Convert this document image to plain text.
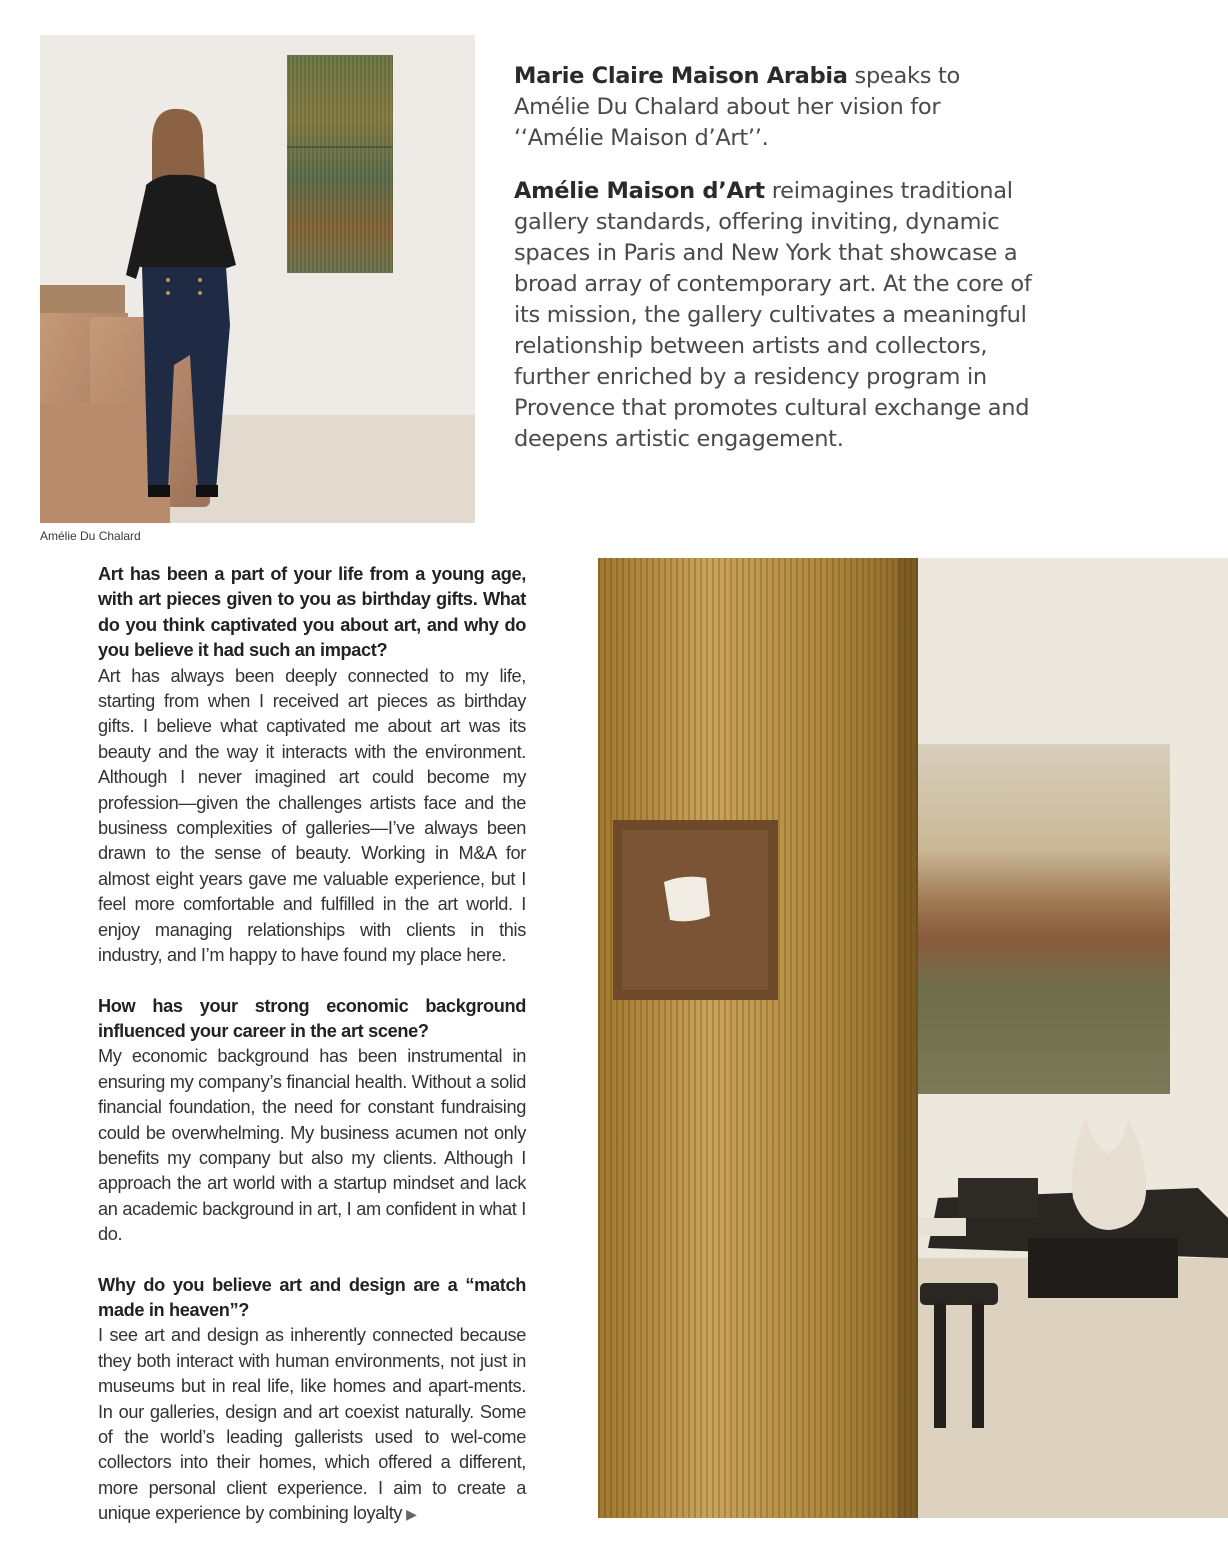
Amélie Du Chalard

Marie Claire Maison Arabia speaks to Amélie Du Chalard about her vision for ‘‘Amélie Maison d’Art’’.

Amélie Maison d’Art reimagines traditional gallery standards, offering inviting, dynamic spaces in Paris and New York that showcase a broad array of contemporary art. At the core of its mission, the gallery cultivates a meaningful relationship between artists and collectors, further enriched by a residency program in Provence that promotes cultural exchange and deepens artistic engagement.

Art has been a part of your life from a young age, with art pieces given to you as birthday gifts. What do you think captivated you about art, and why do you believe it had such an impact?

Art has always been deeply connected to my life, starting from when I received art pieces as birthday gifts. I believe what captivated me about art was its beauty and the way it interacts with the environment. Although I never imagined art could become my profession—given the challenges artists face and the business complexities of galleries—I’ve always been drawn to the sense of beauty. Working in M&A for almost eight years gave me valuable experience, but I feel more comfortable and fulfilled in the art world. I enjoy managing relationships with clients in this industry, and I’m happy to have found my place here.

How has your strong economic background influenced your career in the art scene?

My economic background has been instrumental in ensuring my company’s financial health. Without a solid financial foundation, the need for constant fundraising could be overwhelming. My business acumen not only benefits my company but also my clients. Although I approach the art world with a startup mindset and lack an academic background in art, I am confident in what I do.

Why do you believe art and design are a “match made in heaven”?

I see art and design as inherently connected because they both interact with human environments, not just in museums but in real life, like homes and apart-ments. In our galleries, design and art coexist naturally. Some of the world’s leading gallerists used to wel-come collectors into their homes, which offered a different, more personal client experience. I aim to create a unique experience by combining loyalty ▶
